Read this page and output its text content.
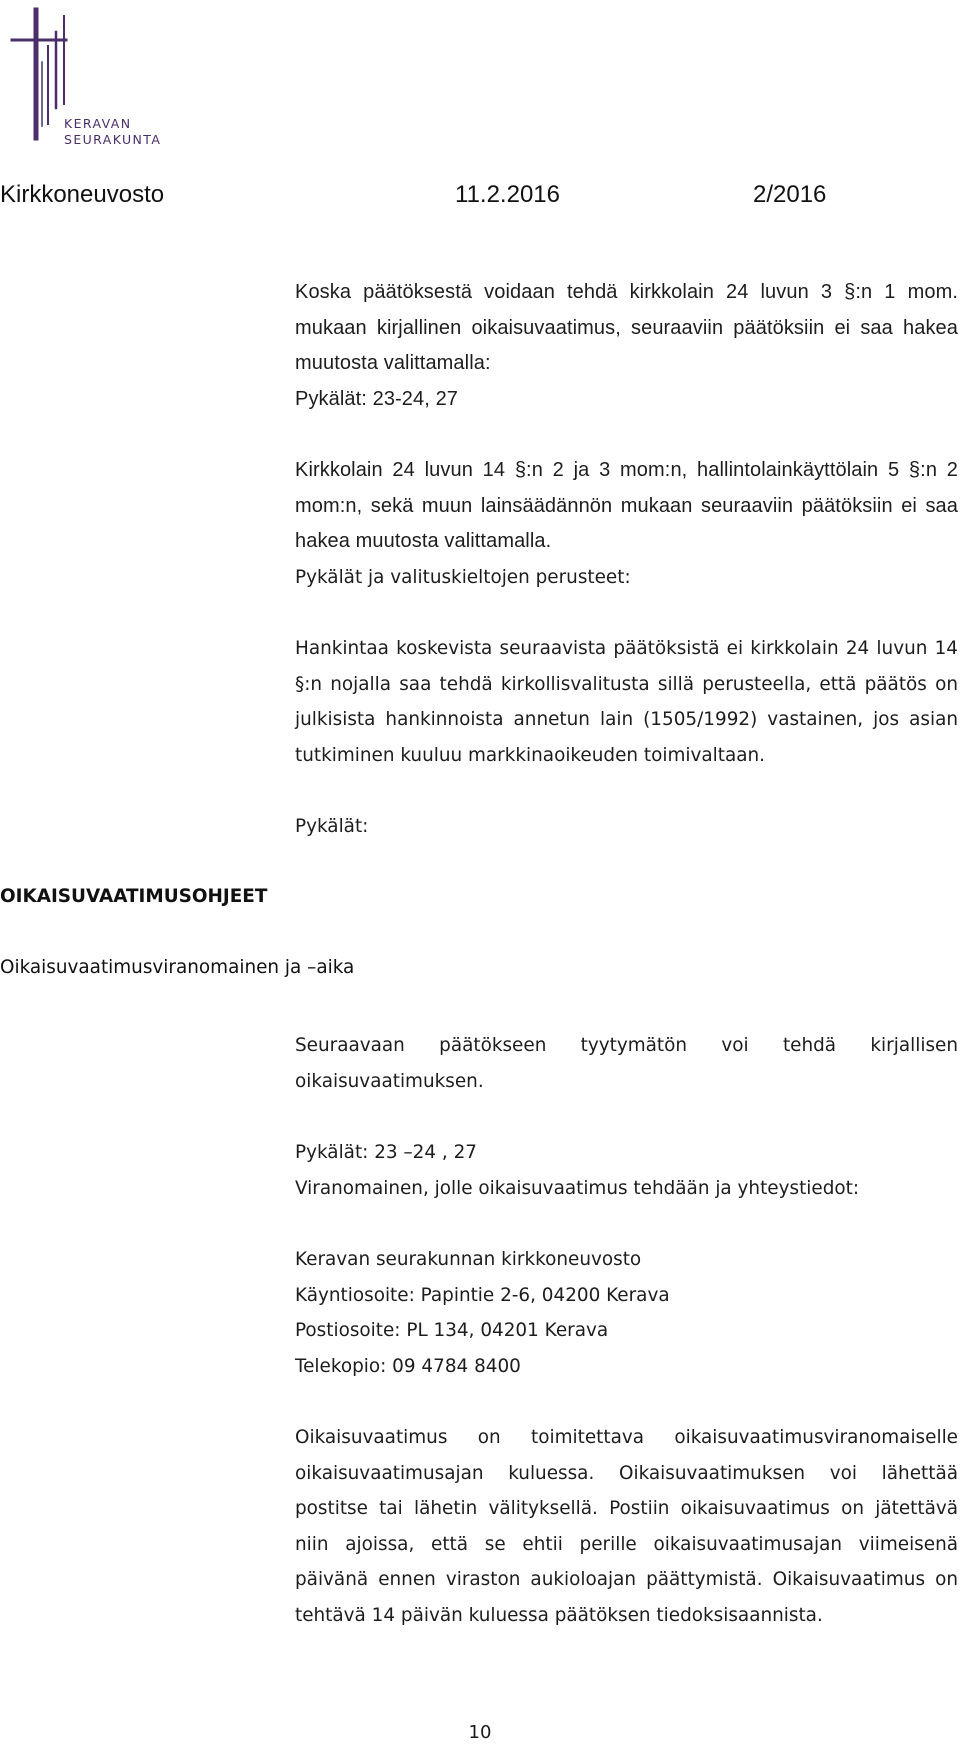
KERAVAN
SEURAKUNTA
Kirkkoneuvosto	11.2.2016	2/2016
Koska päätöksestä voidaan tehdä kirkkolain 24 luvun 3 §:n 1 mom. mukaan kirjallinen oikaisuvaatimus, seuraaviin päätöksiin ei saa hakea muutosta valittamalla:
Pykälät: 23-24, 27
Kirkkolain 24 luvun 14 §:n 2 ja 3 mom:n, hallintolainkäyttölain 5 §:n 2 mom:n, sekä muun lainsäädännön mukaan seuraaviin päätöksiin ei saa hakea muutosta valittamalla.
Pykälät ja valituskieltojen perusteet:
Hankintaa koskevista seuraavista päätöksistä ei kirkkolain 24 luvun 14 §:n nojalla saa tehdä kirkollisvalitusta sillä perusteella, että päätös on julkisista hankinnoista annetun lain (1505/1992) vastainen, jos asian tutkiminen kuuluu markkinaoikeuden toimivaltaan.
Pykälät:
OIKAISUVAATIMUSOHJEET
Oikaisuvaatimusviranomainen ja –aika
Seuraavaan päätökseen tyytymätön voi tehdä kirjallisen oikaisuvaatimuksen.
Pykälät: 23 –24 , 27
Viranomainen, jolle oikaisuvaatimus tehdään ja yhteystiedot:
Keravan seurakunnan kirkkoneuvosto
Käyntiosoite: Papintie 2-6, 04200 Kerava
Postiosoite: PL 134, 04201 Kerava
Telekopio: 09 4784 8400
Oikaisuvaatimus on toimitettava oikaisuvaatimusviranomaiselle oikaisuvaatimusajan kuluessa. Oikaisuvaatimuksen voi lähettää postitse tai lähetin välityksellä. Postiin oikaisuvaatimus on jätettävä niin ajoissa, että se ehtii perille oikaisuvaatimusajan viimeisenä päivänä ennen viraston aukioloajan päättymistä. Oikaisuvaatimus on tehtävä 14 päivän kuluessa päätöksen tiedoksisaannista.
10
